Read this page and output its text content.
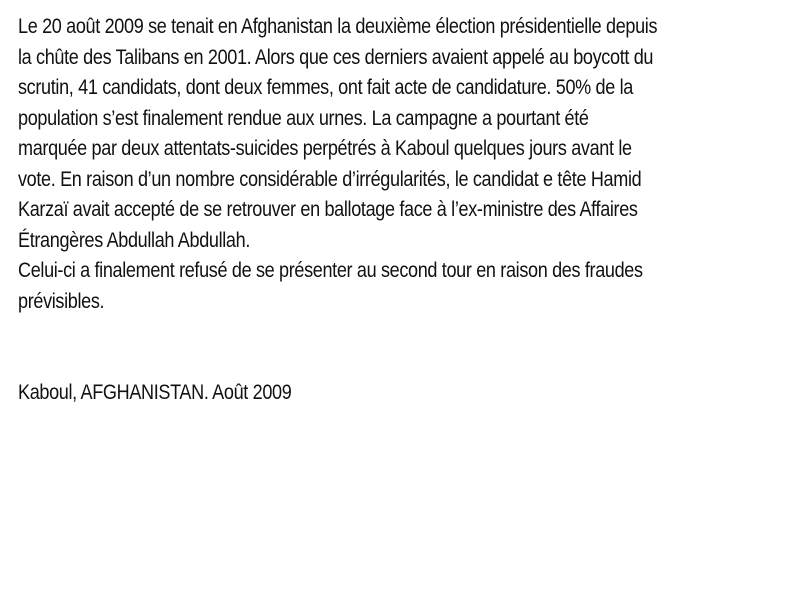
Le 20 août 2009 se tenait en Afghanistan la deuxième élection présidentielle depuis
la chûte des Talibans en 2001. Alors que ces derniers avaient appelé au boycott du
scrutin, 41 candidats, dont deux femmes, ont fait acte de candidature. 50% de la
population s’est finalement rendue aux urnes. La campagne a pourtant été
marquée par deux attentats-suicides perpétrés à Kaboul quelques jours avant le
vote. En raison d’un nombre considérable d’irrégularités, le candidat e tête Hamid
Karzaï avait accepté de se retrouver en ballotage face à l’ex-ministre des Affaires
Étrangères Abdullah Abdullah.

Celui-ci a finalement refusé de se présenter au second tour en raison des fraudes
prévisibles.

Kaboul, AFGHANISTAN. Août 2009
